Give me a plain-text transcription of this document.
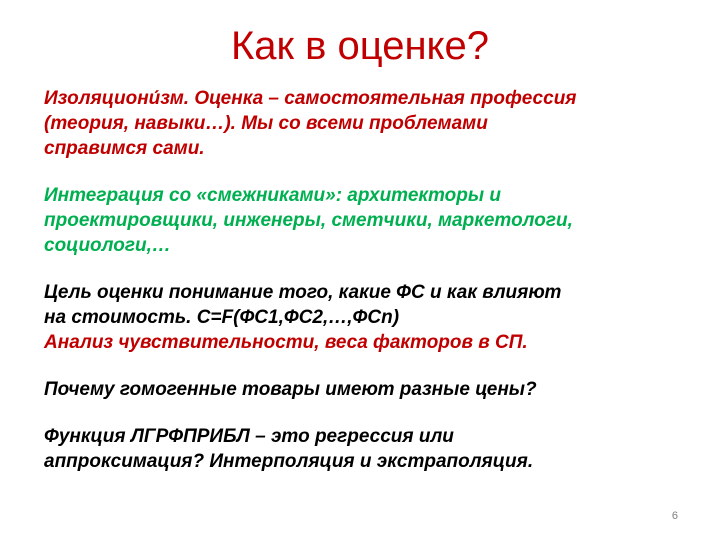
Как в оценке?

Изоляциони́зм. Оценка – самостоятельная профессия
(теория, навыки…). Мы со всеми проблемами
справимся сами.

Интеграция со «смежниками»: архитекторы и
проектировщики, инженеры, сметчики, маркетологи,
социологи,…

Цель оценки понимание того, какие ФС и как влияют
на стоимость. C=F(ФС1,ФС2,…,ФСn)

Анализ чувствительности, веса факторов в СП.

Почему гомогенные товары имеют разные цены?

Функция ЛГРФПРИБЛ – это регрессия или
аппроксимация? Интерполяция и экстраполяция.

6
